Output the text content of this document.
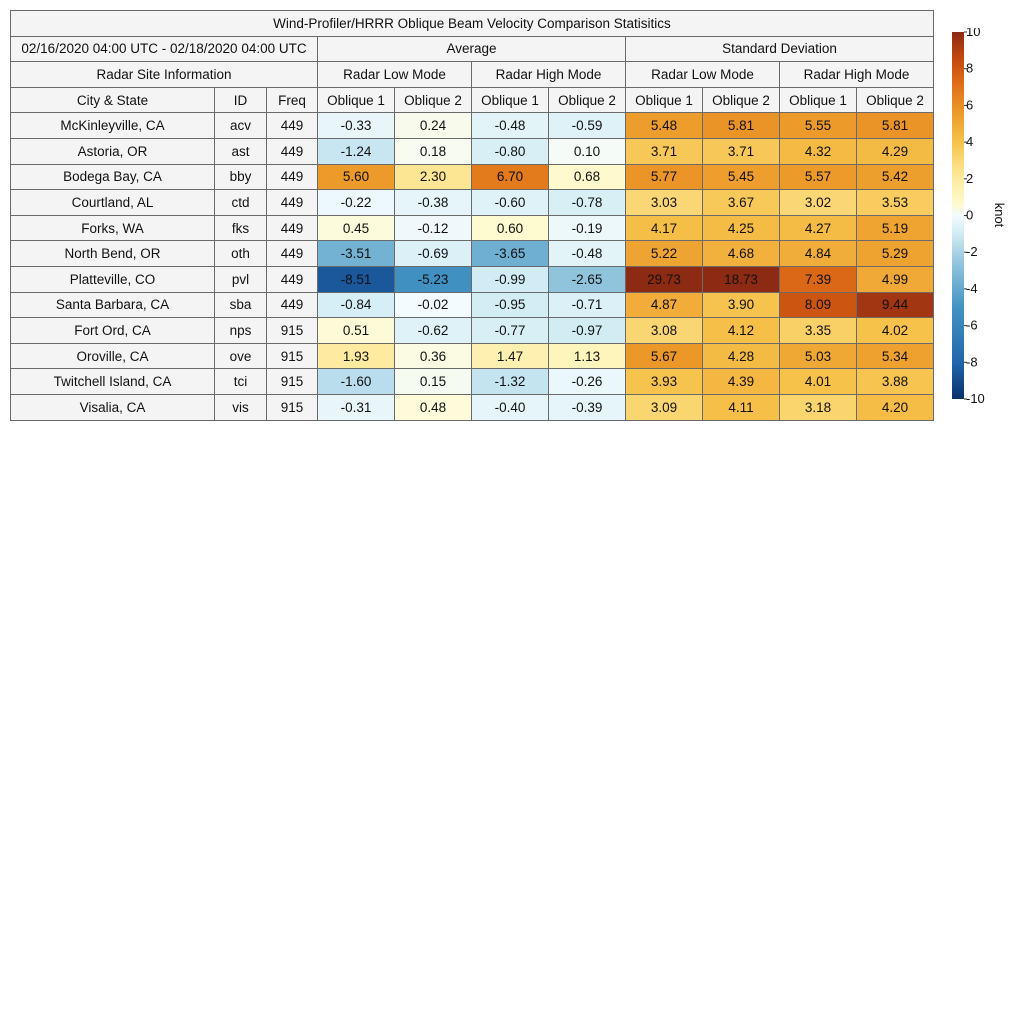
Wind-Profiler/HRRR Oblique Beam Velocity Comparison Statisitics										
02/16/2020 04:00 UTC - 02/18/2020 04:00 UTC			Average				Standard Deviation			
Radar Site Information			Radar Low Mode		Radar High Mode		Radar Low Mode		Radar High Mode	
City & State	ID	Freq	Oblique 1	Oblique 2	Oblique 1	Oblique 2	Oblique 1	Oblique 2	Oblique 1	Oblique 2
McKinleyville, CA	acv	449	-0.33	0.24	-0.48	-0.59	5.48	5.81	5.55	5.81
Astoria, OR	ast	449	-1.24	0.18	-0.80	0.10	3.71	3.71	4.32	4.29
Bodega Bay, CA	bby	449	5.60	2.30	6.70	0.68	5.77	5.45	5.57	5.42
Courtland, AL	ctd	449	-0.22	-0.38	-0.60	-0.78	3.03	3.67	3.02	3.53
Forks, WA	fks	449	0.45	-0.12	0.60	-0.19	4.17	4.25	4.27	5.19
North Bend, OR	oth	449	-3.51	-0.69	-3.65	-0.48	5.22	4.68	4.84	5.29
Platteville, CO	pvl	449	-8.51	-5.23	-0.99	-2.65	29.73	18.73	7.39	4.99
Santa Barbara, CA	sba	449	-0.84	-0.02	-0.95	-0.71	4.87	3.90	8.09	9.44
Fort Ord, CA	nps	915	0.51	-0.62	-0.77	-0.97	3.08	4.12	3.35	4.02
Oroville, CA	ove	915	1.93	0.36	1.47	1.13	5.67	4.28	5.03	5.34
Twitchell Island, CA	tci	915	-1.60	0.15	-1.32	-0.26	3.93	4.39	4.01	3.88
Visalia, CA	vis	915	-0.31	0.48	-0.40	-0.39	3.09	4.11	3.18	4.20
10
8
6
4
2
0
-2
-4
-6
-8
-10
knot
